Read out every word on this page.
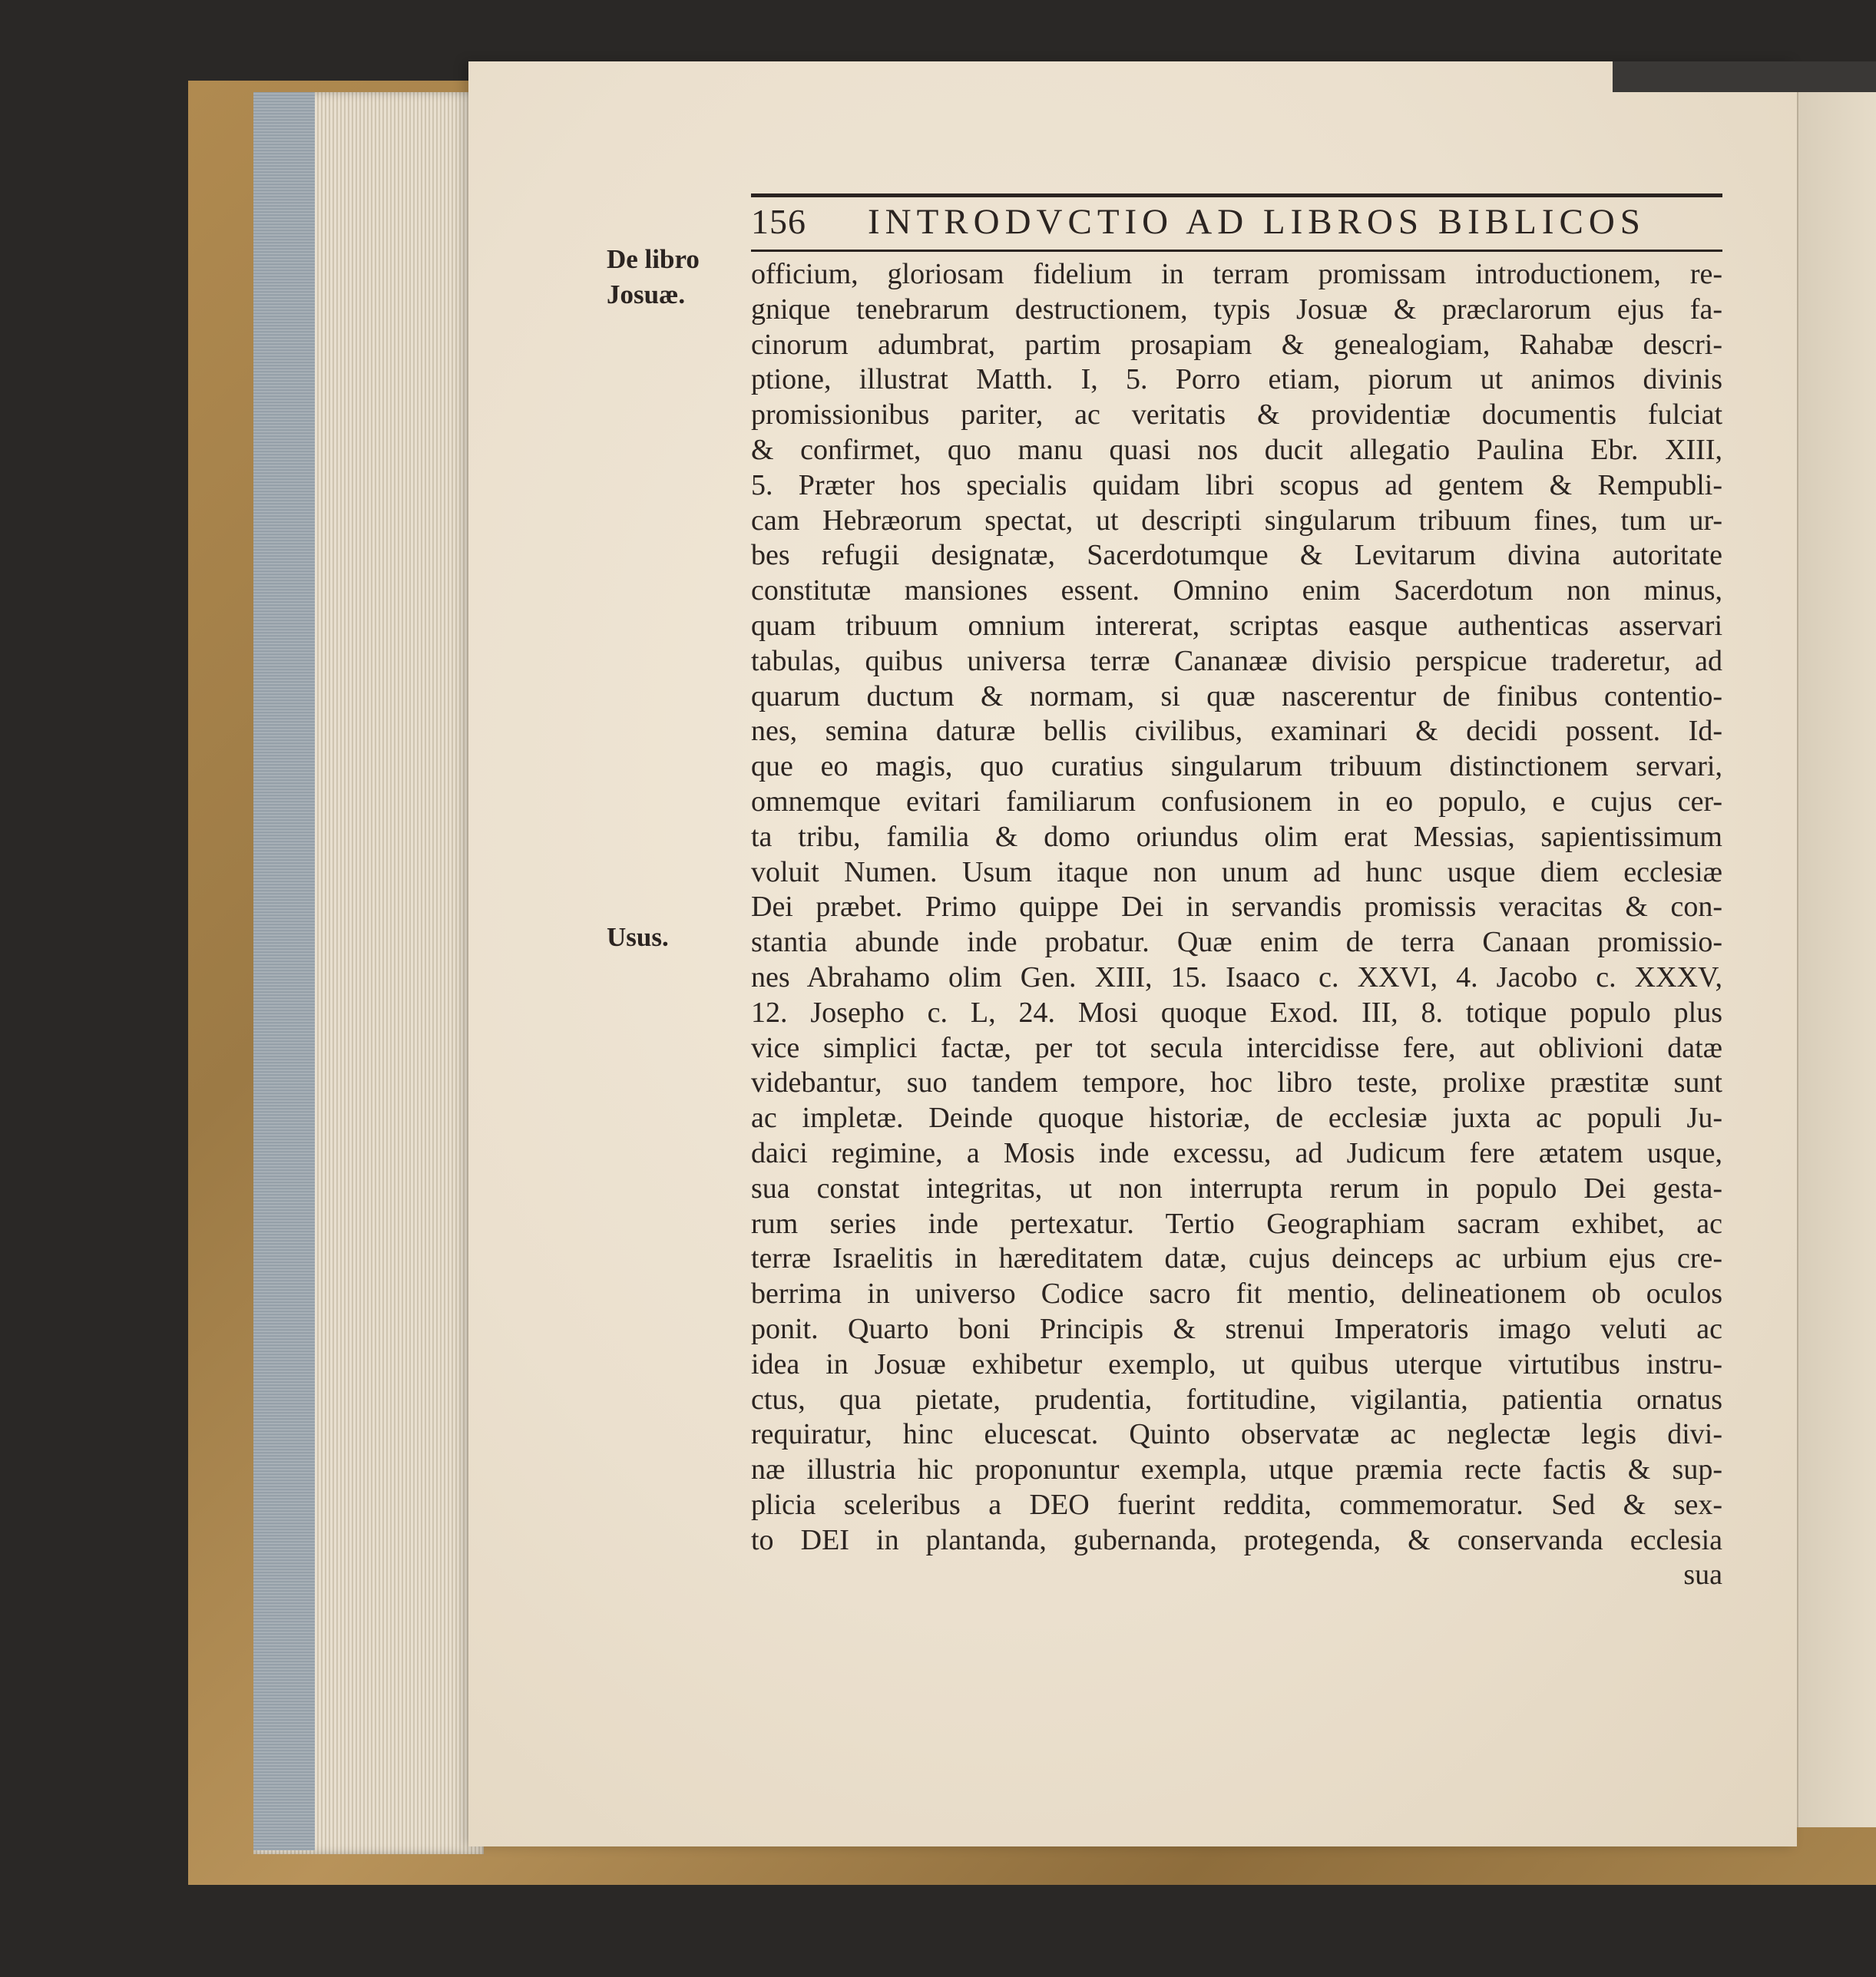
156 INTRODVCTIO AD LIBROS BIBLICOS
De libro
Josuæ.
Usus.
officium, gloriosam fidelium in terram promissam introductionem, re-
gnique tenebrarum destructionem, typis Josuæ & præclarorum ejus fa-
cinorum adumbrat, partim prosapiam & genealogiam, Rahabæ descri-
ptione, illustrat Matth. I, 5. Porro etiam, piorum ut animos divinis
promissionibus pariter, ac veritatis & providentiæ documentis fulciat
& confirmet, quo manu quasi nos ducit allegatio Paulina Ebr. XIII,
5. Præter hos specialis quidam libri scopus ad gentem & Rempubli-
cam Hebræorum spectat, ut descripti singularum tribuum fines, tum ur-
bes refugii designatæ, Sacerdotumque & Levitarum divina autoritate
constitutæ mansiones essent. Omnino enim Sacerdotum non minus,
quam tribuum omnium intererat, scriptas easque authenticas asservari
tabulas, quibus universa terræ Cananææ divisio perspicue traderetur, ad
quarum ductum & normam, si quæ nascerentur de finibus contentio-
nes, semina daturæ bellis civilibus, examinari & decidi possent. Id-
que eo magis, quo curatius singularum tribuum distinctionem servari,
omnemque evitari familiarum confusionem in eo populo, e cujus cer-
ta tribu, familia & domo oriundus olim erat Messias, sapientissimum
voluit Numen. Usum itaque non unum ad hunc usque diem ecclesiæ
Dei præbet. Primo quippe Dei in servandis promissis veracitas & con-
stantia abunde inde probatur. Quæ enim de terra Canaan promissio-
nes Abrahamo olim Gen. XIII, 15. Isaaco c. XXVI, 4. Jacobo c. XXXV,
12. Josepho c. L, 24. Mosi quoque Exod. III, 8. totique populo plus
vice simplici factæ, per tot secula intercidisse fere, aut oblivioni datæ
videbantur, suo tandem tempore, hoc libro teste, prolixe præstitæ sunt
ac impletæ. Deinde quoque historiæ, de ecclesiæ juxta ac populi Ju-
daici regimine, a Mosis inde excessu, ad Judicum fere ætatem usque,
sua constat integritas, ut non interrupta rerum in populo Dei gesta-
rum series inde pertexatur. Tertio Geographiam sacram exhibet, ac
terræ Israelitis in hæreditatem datæ, cujus deinceps ac urbium ejus cre-
berrima in universo Codice sacro fit mentio, delineationem ob oculos
ponit. Quarto boni Principis & strenui Imperatoris imago veluti ac
idea in Josuæ exhibetur exemplo, ut quibus uterque virtutibus instru-
ctus, qua pietate, prudentia, fortitudine, vigilantia, patientia ornatus
requiratur, hinc elucescat. Quinto observatæ ac neglectæ legis divi-
næ illustria hic proponuntur exempla, utque præmia recte factis & sup-
plicia sceleribus a DEO fuerint reddita, commemoratur. Sed & sex-
to DEI in plantanda, gubernanda, protegenda, & conservanda ecclesia
sua
